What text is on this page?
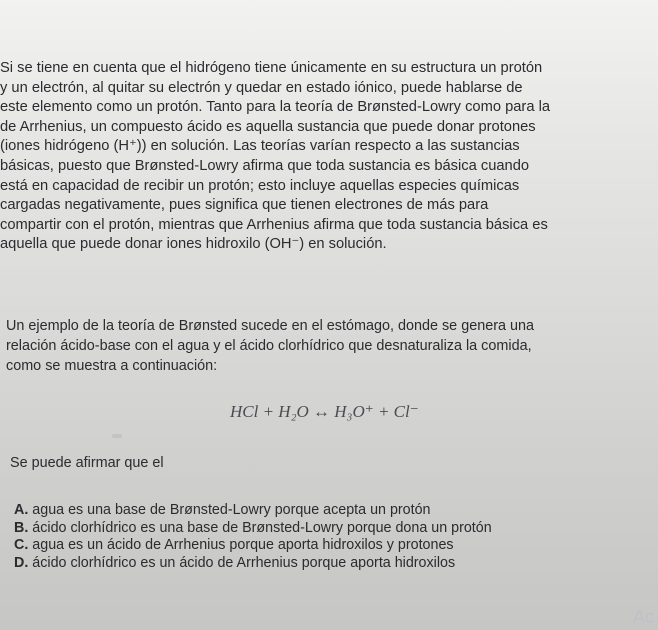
Si se tiene en cuenta que el hidrógeno tiene únicamente en su estructura un protón
y un electrón, al quitar su electrón y quedar en estado iónico, puede hablarse de
este elemento como un protón. Tanto para la teoría de Brønsted-Lowry como para la
de Arrhenius, un compuesto ácido es aquella sustancia que puede donar protones
(iones hidrógeno (H⁺)) en solución. Las teorías varían respecto a las sustancias
básicas, puesto que Brønsted-Lowry afirma que toda sustancia es básica cuando
está en capacidad de recibir un protón; esto incluye aquellas especies químicas
cargadas negativamente, pues significa que tienen electrones de más para
compartir con el protón, mientras que Arrhenius afirma que toda sustancia básica es
aquella que puede donar iones hidroxilo (OH⁻) en solución.

Un ejemplo de la teoría de Brønsted sucede en el estómago, donde se genera una
relación ácido-base con el agua y el ácido clorhídrico que desnaturaliza la comida,
como se muestra a continuación:

HCl + H₂O ↔ H₃O⁺ + Cl⁻
Se puede afirmar que el
A. agua es una base de Brønsted-Lowry porque acepta un protón
B. ácido clorhídrico es una base de Brønsted-Lowry porque dona un protón
C. agua es un ácido de Arrhenius porque aporta hidroxilos y protones
D. ácido clorhídrico es un ácido de Arrhenius porque aporta hidroxilos
Ac
